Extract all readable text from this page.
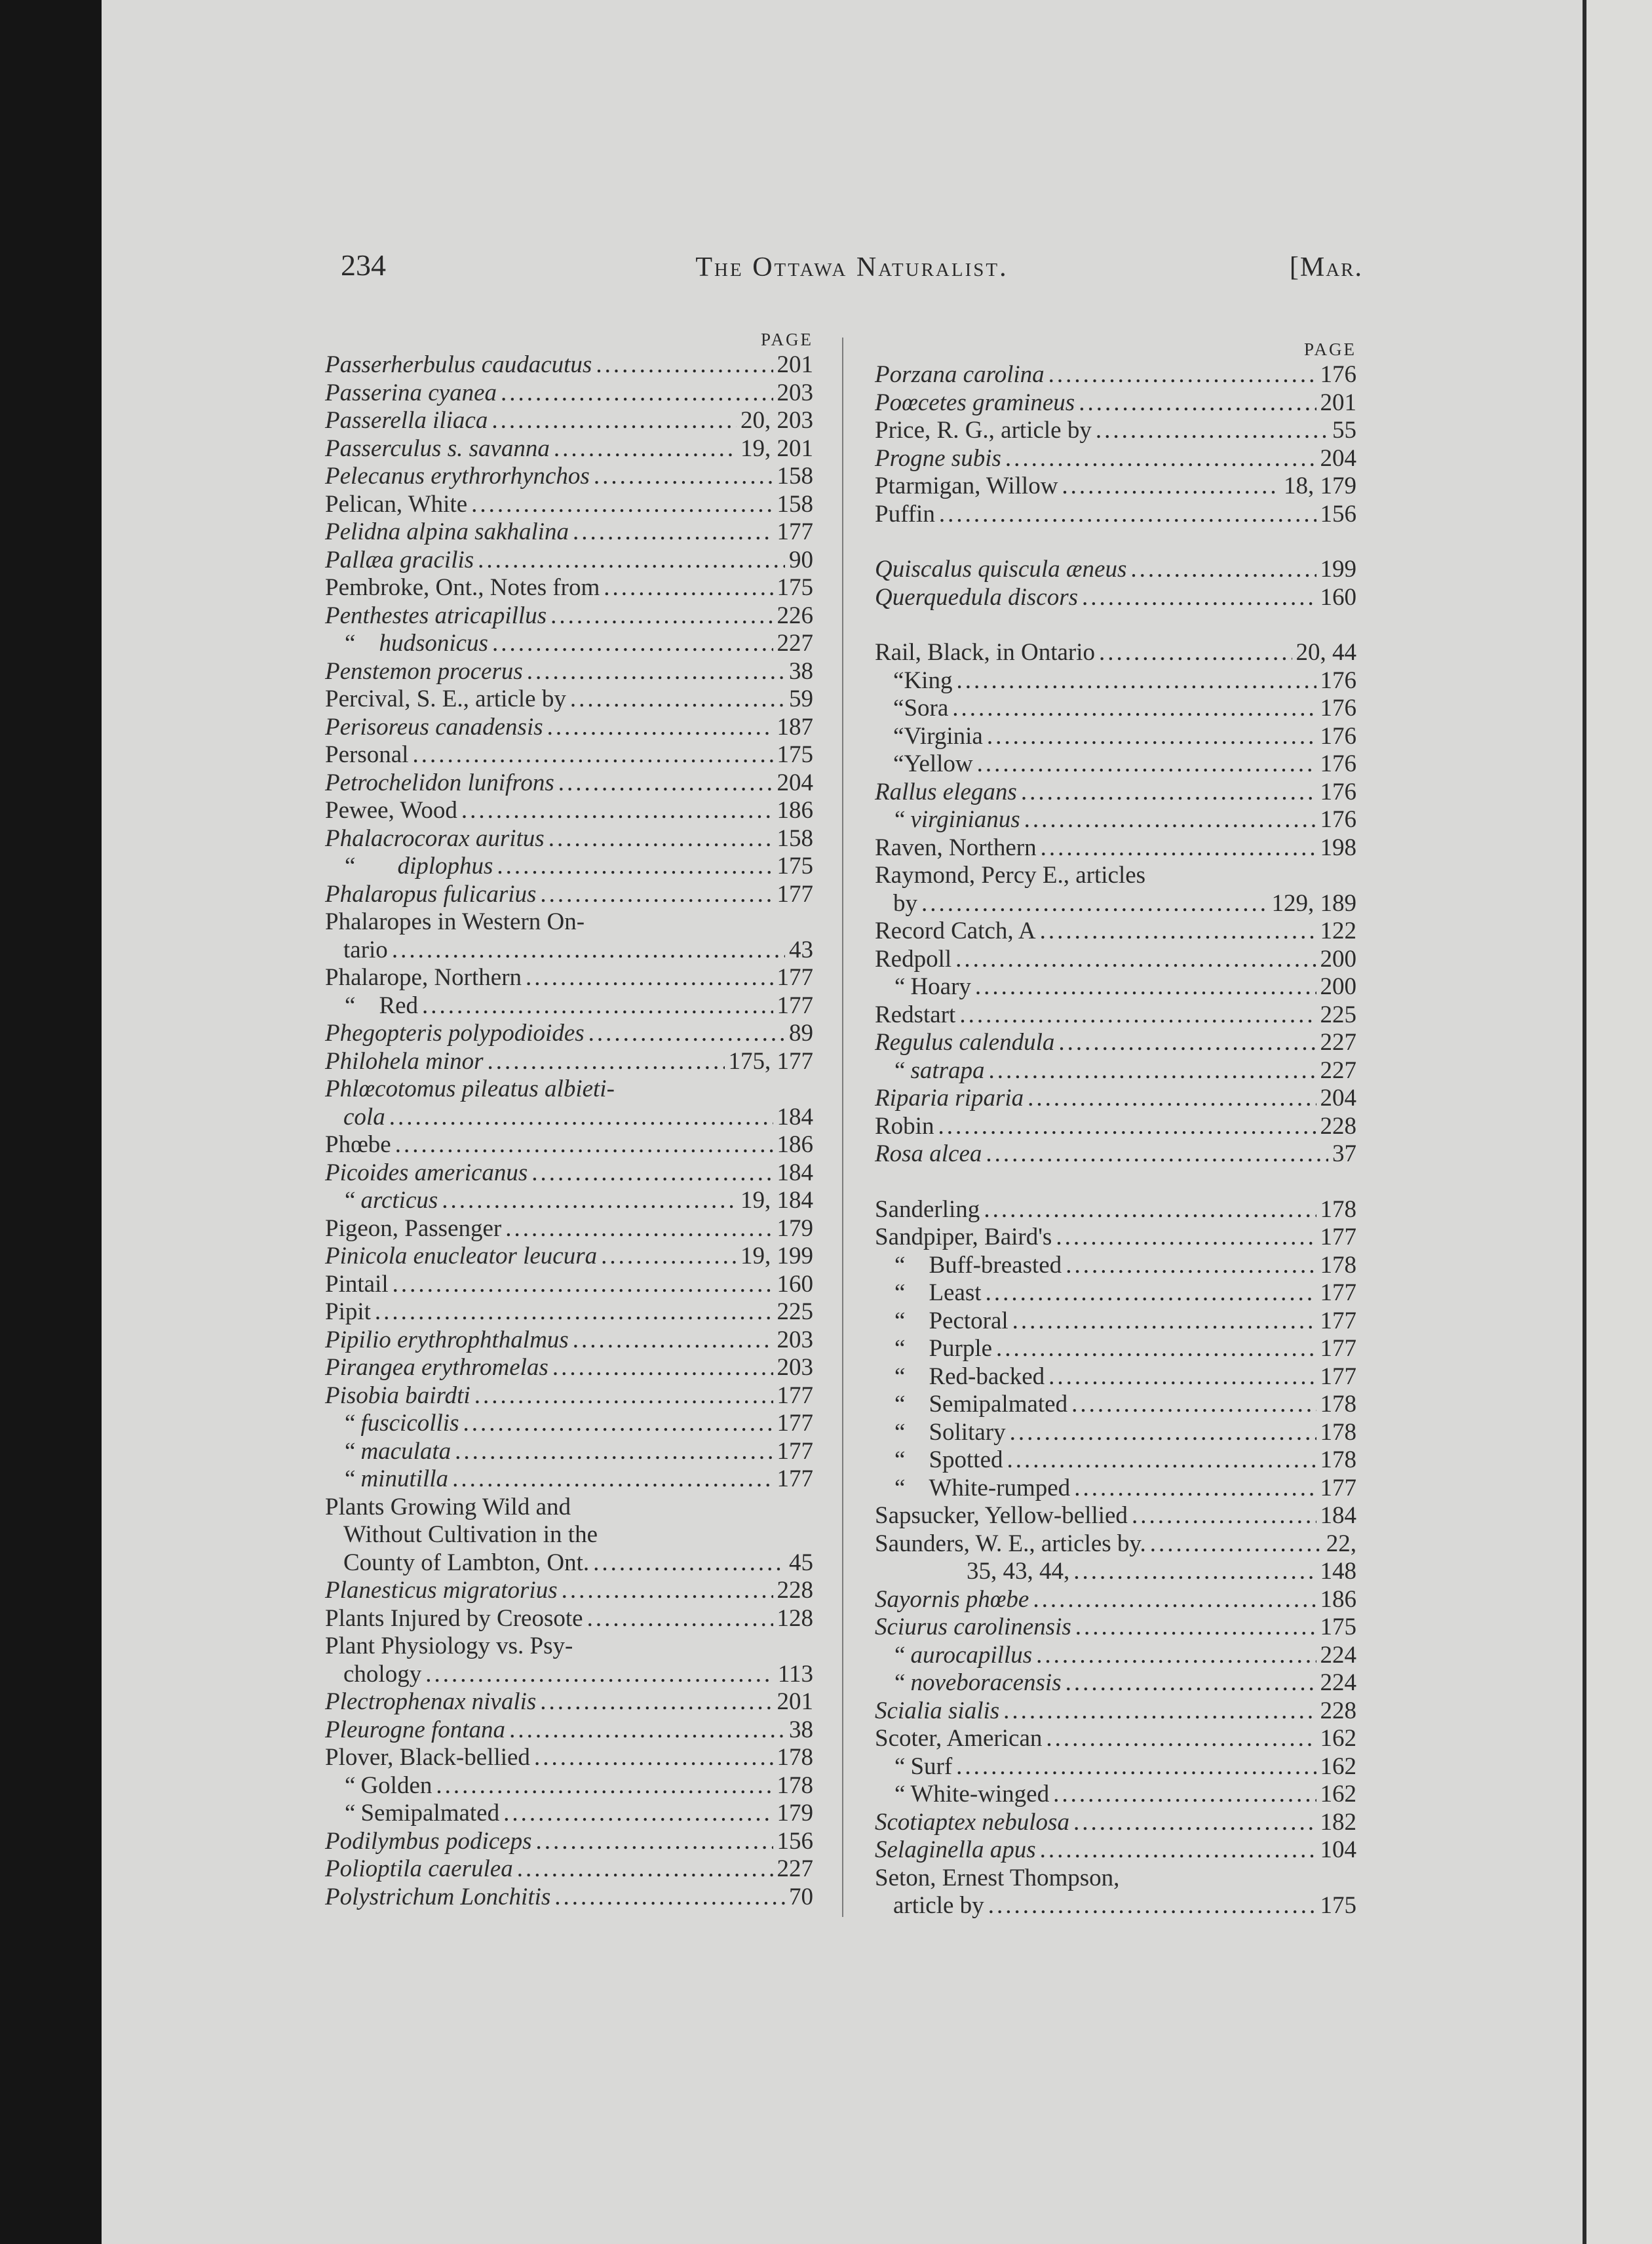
234	The Ottawa Naturalist.	[Mar.
PAGE
Passerherbulus caudacutus .....	201
Passerina cyanea .....	203
Passerella iliaca .....	20, 203
Passerculus s. savanna .....	19, 201
Pelecanus erythrorhynchos .....	158
Pelican, White .....	158
Pelidna alpina sakhalina .....	177
Pallæa gracilis .....	90
Pembroke, Ont., Notes from .....	175
Penthestes atricapillus .....	226
“ hudsonicus .....	227
Penstemon procerus .....	38
Percival, S. E., article by .....	59
Perisoreus canadensis .....	187
Personal .....	175
Petrochelidon lunifrons .....	204
Pewee, Wood .....	186
Phalacrocorax auritus .....	158
“ diplophus .....	175
Phalaropus fulicarius .....	177
Phalaropes in Western On-
tario .....	43
Phalarope, Northern .....	177
“ Red .....	177
Phegopteris polypodioides .....	89
Philohela minor .....	175, 177
Phlœcotomus pileatus albieti-
cola .....	184
Phœbe .....	186
Picoides americanus .....	184
“ arcticus .....	19, 184
Pigeon, Passenger .....	179
Pinicola enucleator leucura .....	19, 199
Pintail .....	160
Pipit .....	225
Pipilio erythrophthalmus .....	203
Pirangea erythromelas .....	203
Pisobia bairdti .....	177
“ fuscicollis .....	177
“ maculata .....	177
“ minutilla .....	177
Plants Growing Wild and
Without Cultivation in the
County of Lambton, Ont. .....	45
Planesticus migratorius .....	228
Plants Injured by Creosote .....	128
Plant Physiology vs. Psy-
chology .....	113
Plectrophenax nivalis .....	201
Pleurogne fontana .....	38
Plover, Black-bellied .....	178
“ Golden .....	178
“ Semipalmated .....	179
Podilymbus podiceps .....	156
Polioptila caerulea .....	227
Polystrichum Lonchitis .....	70
PAGE
Porzana carolina .....	176
Poœcetes gramineus .....	201
Price, R. G., article by .....	55
Progne subis .....	204
Ptarmigan, Willow .....	18, 179
Puffin .....	156
Quiscalus quiscula æneus .....	199
Querquedula discors .....	160
Rail, Black, in Ontario .....	20, 44
“ King .....	176
“ Sora .....	176
“ Virginia .....	176
“ Yellow .....	176
Rallus elegans .....	176
“ virginianus .....	176
Raven, Northern .....	198
Raymond, Percy E., articles
by .....	129, 189
Record Catch, A .....	122
Redpoll .....	200
“ Hoary .....	200
Redstart .....	225
Regulus calendula .....	227
“ satrapa .....	227
Riparia riparia .....	204
Robin .....	228
Rosa alcea .....	37
Sanderling .....	178
Sandpiper, Baird's .....	177
“ Buff-breasted .....	178
“ Least .....	177
“ Pectoral .....	177
“ Purple .....	177
“ Red-backed .....	177
“ Semipalmated .....	178
“ Solitary .....	178
“ Spotted .....	178
“ White-rumped .....	177
Sapsucker, Yellow-bellied .....	184
Saunders, W. E., articles by. .....	22,
35, 43, 44, .....	148
Sayornis phœbe .....	186
Sciurus carolinensis .....	175
“ aurocapillus .....	224
“ noveboracensis .....	224
Scialia sialis .....	228
Scoter, American .....	162
“ Surf .....	162
“ White-winged .....	162
Scotiaptex nebulosa .....	182
Selaginella apus .....	104
Seton, Ernest Thompson,
article by .....	175
